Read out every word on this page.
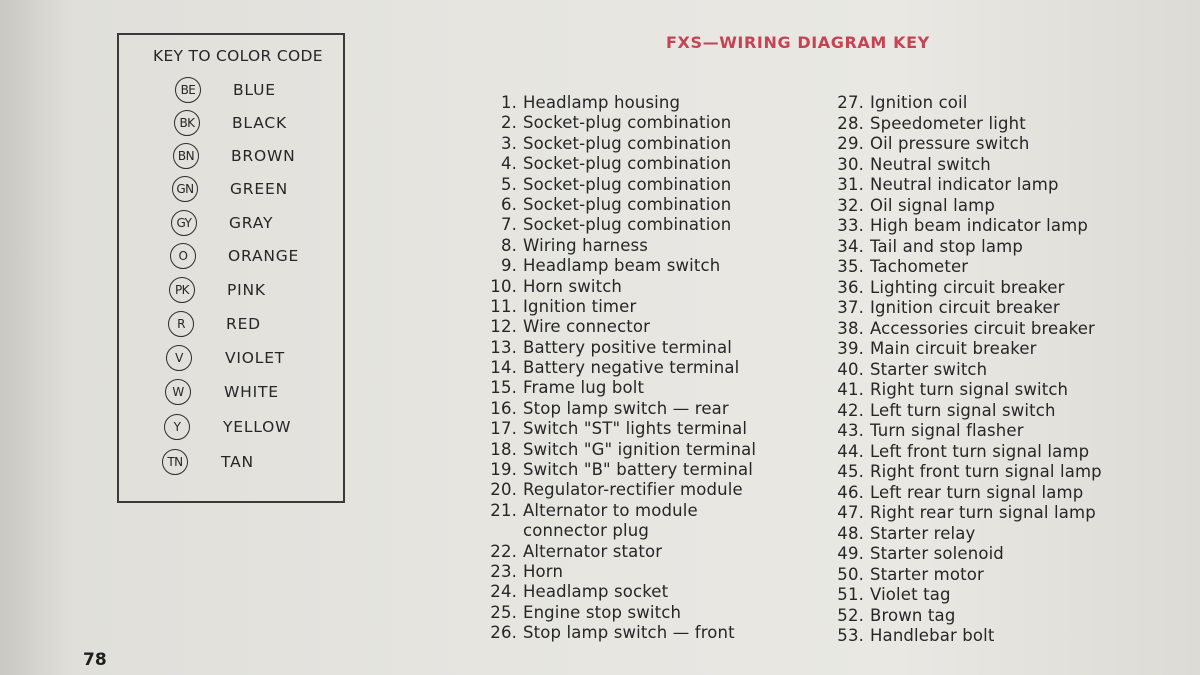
KEY TO COLOR CODE
BE	BLUE
BK	BLACK
BN	BROWN
GN GREEN
GY	GRAY
O	ORANGE
PK	PINK
R	RED
V	VIOLET
W	WHITE
Y	YELLOW
TN	TAN
FXS—WIRING DIAGRAM KEY
1. Headlamp housing
2. Socket-plug combination
3. Socket-plug combination
4. Socket-plug combination
5. Socket-plug combination
6. Socket-plug combination
7. Socket-plug combination
8. Wiring harness
9. Headlamp beam switch
10. Horn switch
11. Ignition timer
12. Wire connector
13. Battery positive terminal
14. Battery negative terminal
15. Frame lug bolt
16. Stop lamp switch — rear
17. Switch "ST" lights terminal
18. Switch "G" ignition terminal
19. Switch "B" battery terminal
20. Regulator-rectifier module
21. Alternator to module
connector plug
22. Alternator stator
23. Horn
24. Headlamp socket
25. Engine stop switch
26. Stop lamp switch — front
27. Ignition coil
28. Speedometer light
29. Oil pressure switch
30. Neutral switch
31. Neutral indicator lamp
32. Oil signal lamp
33. High beam indicator lamp
34. Tail and stop lamp
35. Tachometer
36. Lighting circuit breaker
37. Ignition circuit breaker
38. Accessories circuit breaker
39. Main circuit breaker
40. Starter switch
41. Right turn signal switch
42. Left turn signal switch
43. Turn signal flasher
44. Left front turn signal lamp
45. Right front turn signal lamp
46. Left rear turn signal lamp
47. Right rear turn signal lamp
48. Starter relay
49. Starter solenoid
50. Starter motor
51. Violet tag
52. Brown tag
53. Handlebar bolt
78
